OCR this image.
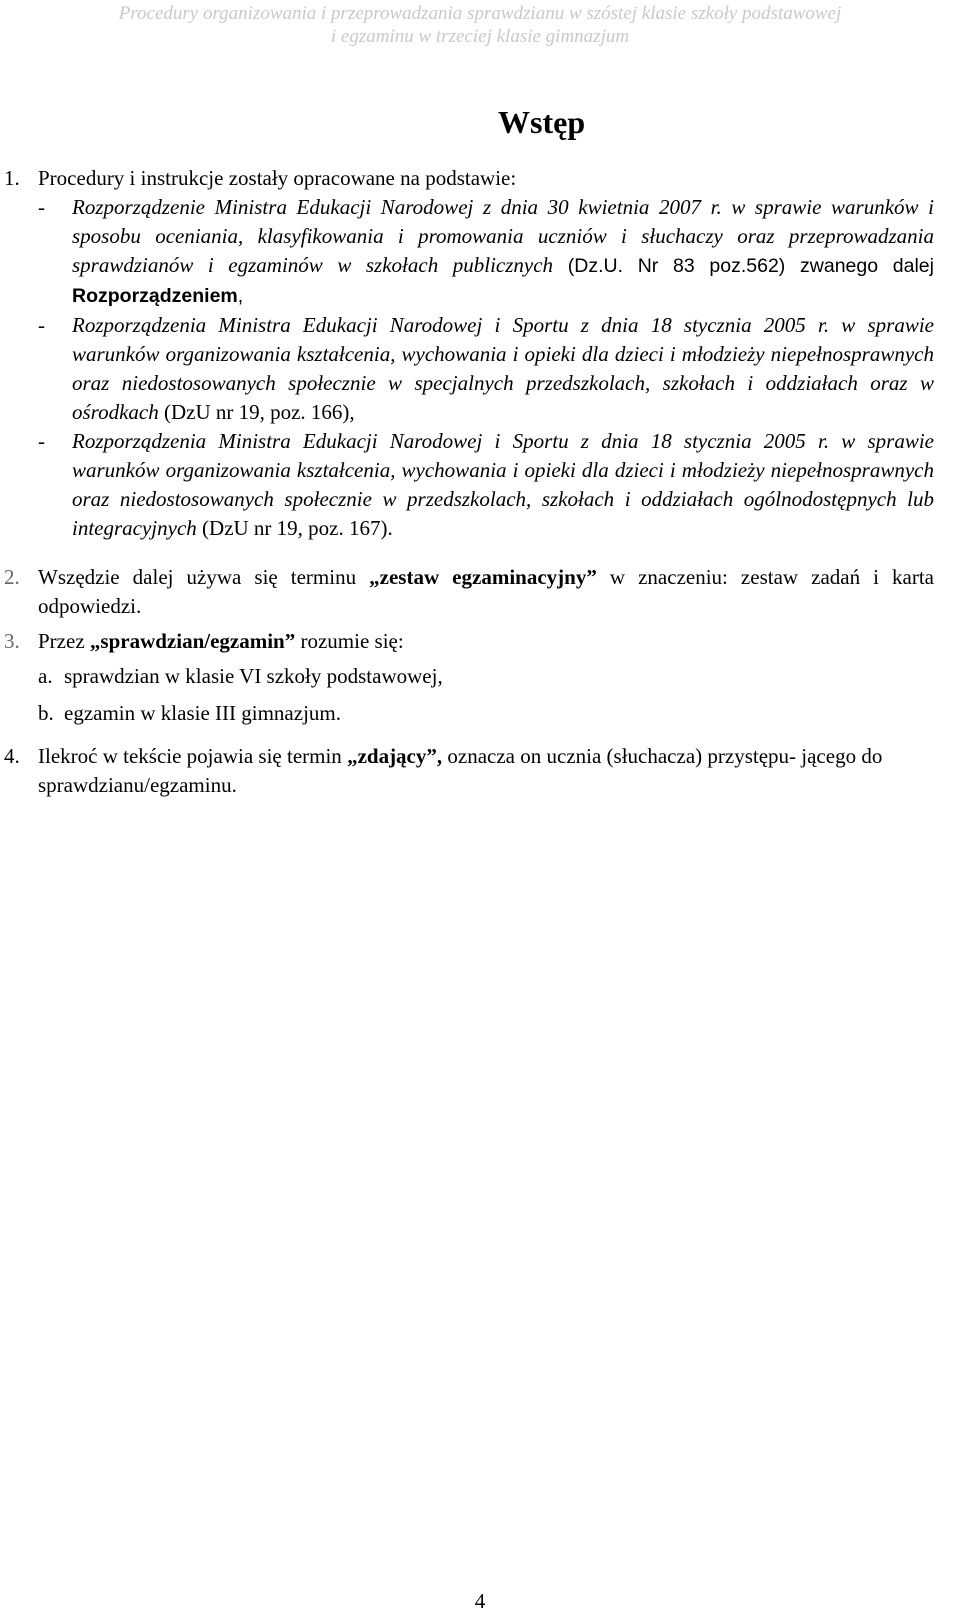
Procedury organizowania i przeprowadzania sprawdzianu w szóstej klasie szkoły podstawowej
i egzaminu w trzeciej klasie gimnazjum
Wstęp
1. Procedury i instrukcje zostały opracowane na podstawie:
-	Rozporządzenie Ministra Edukacji Narodowej z dnia 30 kwietnia 2007 r. w sprawie warunków i sposobu oceniania, klasyfikowania i promowania uczniów i słuchaczy oraz przeprowadzania sprawdzianów i egzaminów w szkołach publicznych (Dz.U. Nr 83 poz.562) zwanego dalej Rozporządzeniem,
-	Rozporządzenia Ministra Edukacji Narodowej i Sportu z dnia 18 stycznia 2005 r. w sprawie warunków organizowania kształcenia, wychowania i opieki dla dzieci i młodzieży niepełnosprawnych oraz niedostosowanych społecznie w specjalnych przedszkolach, szkołach i oddziałach oraz w ośrodkach (DzU nr 19, poz. 166),
-	Rozporządzenia Ministra Edukacji Narodowej i Sportu z dnia 18 stycznia 2005 r. w sprawie warunków organizowania kształcenia, wychowania i opieki dla dzieci i młodzieży niepełnosprawnych oraz niedostosowanych społecznie w przedszkolach, szkołach i oddziałach ogólnodostępnych lub integracyjnych (DzU nr 19, poz. 167).
2. Wszędzie dalej używa się terminu „zestaw egzaminacyjny” w znaczeniu: zestaw zadań i karta odpowiedzi.
3. Przez „sprawdzian/egzamin” rozumie się:
a. sprawdzian w klasie VI szkoły podstawowej,
b. egzamin w klasie III gimnazjum.
4. Ilekroć w tekście pojawia się termin „zdający”, oznacza on ucznia (słuchacza) przystępu- jącego do sprawdzianu/egzaminu.
4
